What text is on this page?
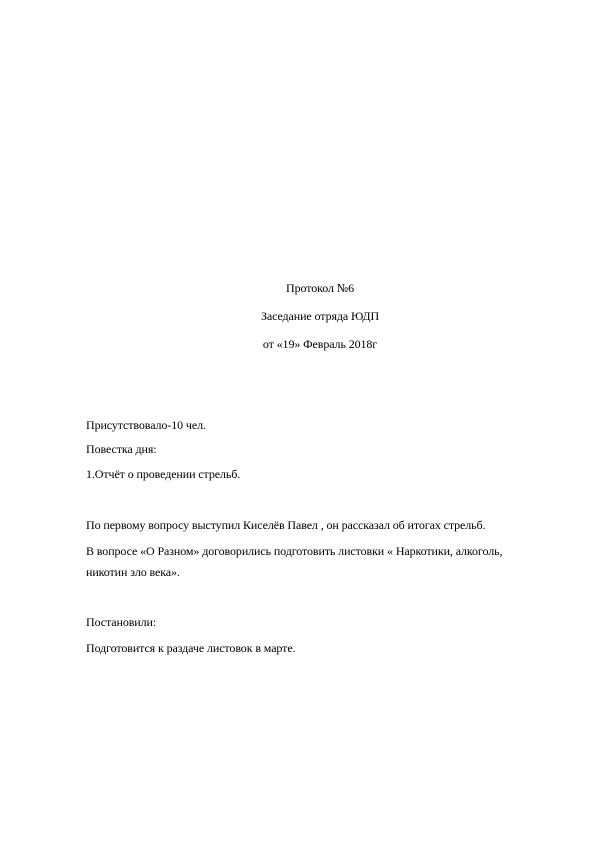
Протокол №6
Заседание отряда ЮДП
от «19» Февраль 2018г
Присутствовало-10 чел.
Повестка дня:
1.Отчёт о проведении стрельб.
По первому вопросу выступил Киселёв Павел , он рассказал об итогах стрельб.
В вопросе «О Разном» договорились подготовить листовки « Наркотики, алкоголь,
никотин зло века».
Постановили:
Подготовится к раздаче листовок в марте.
